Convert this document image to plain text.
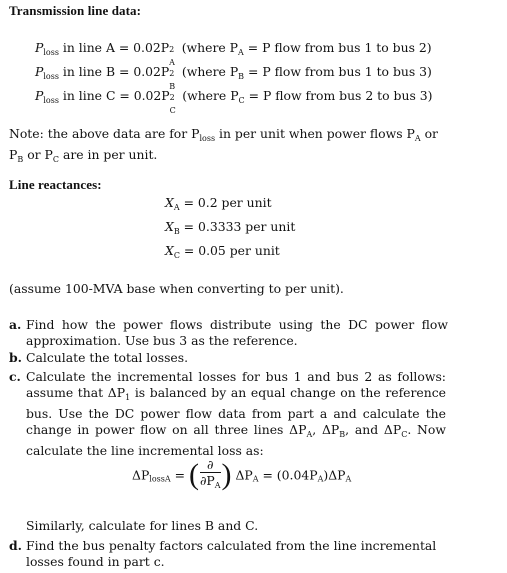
Transmission line data:
$P_{loss}$ in line A = 0.02P 2
A
(where $P_A = P$ flow from bus 1 to bus 2)
$P_{loss}$ in line B = 0.02P 2
B
(where $P_B = P$ flow from bus 1 to bus 3)
$P_{loss}$ in line C = 0.02P 2
C
(where $P_C = P$ flow from bus 2 to bus 3)
Note: the above data are for $P_{loss}$ in per unit when power flows $P_A$ or $P_B$ or $P_C$ are in per unit.
Line reactances:
$X_A = 0.2$ per unit
$X_B = 0.3333$ per unit
$X_C = 0.05$ per unit
(assume 100-MVA base when converting to per unit).
a. Find how the power flows distribute using the DC power flow approximation. Use bus 3 as the reference.
b. Calculate the total losses.
c. Calculate the incremental losses for bus 1 and bus 2 as follows: assume that $\Delta P_1$ is balanced by an equal change on the reference bus. Use the DC power flow data from part a and calculate the change in power flow on all three lines $\Delta P_A$, $\Delta P_B$, and $\Delta P_C$. Now calculate the line incremental loss as:
$\Delta P_{lossA}$ = ( $\frac{\partial}{\partial P_A}$ ) $\Delta P_A = (0.04P_A)\Delta P_A$
Similarly, calculate for lines B and C.
d. Find the bus penalty factors calculated from the line incremental losses found in part c.
